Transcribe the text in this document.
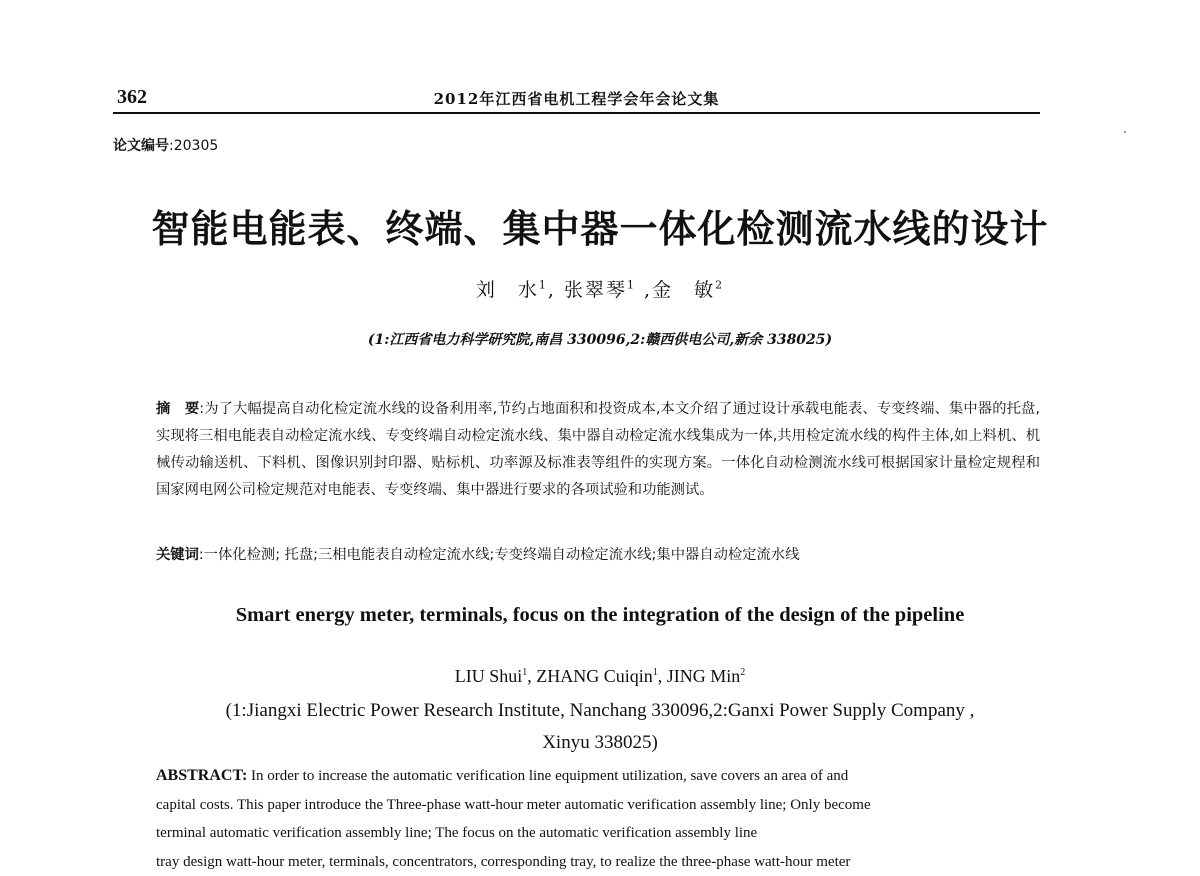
362	2012年江西省电机工程学会年会论文集
论文编号:20305
智能电能表、终端、集中器一体化检测流水线的设计
刘　水$^1$, 张翠琴$^1$ ,金　敏$^2$
(1:江西省电力科学研究院,南昌 330096,2:赣西供电公司,新余 338025)
摘　要:为了大幅提高自动化检定流水线的设备利用率,节约占地面积和投资成本,本文介绍了通过设计承载电能表、专变终端、集中器的托盘,实现将三相电能表自动检定流水线、专变终端自动检定流水线、集中器自动检定流水线集成为一体,共用检定流水线的构件主体,如上料机、机械传动输送机、下料机、图像识别封印器、贴标机、功率源及标准表等组件的实现方案。一体化自动检测流水线可根据国家计量检定规程和国家网电网公司检定规范对电能表、专变终端、集中器进行要求的各项试验和功能测试。
关键词:一体化检测; 托盘;三相电能表自动检定流水线;专变终端自动检定流水线;集中器自动检定流水线
Smart energy meter, terminals, focus on the integration of the design of the pipeline
LIU Shui$^1$, ZHANG Cuiqin$^1$, JING Min$^2$
(1:Jiangxi Electric Power Research Institute, Nanchang 330096,2:Ganxi Power Supply Company ,
Xinyu 338025)
ABSTRACT: In order to increase the automatic verification line equipment utilization, save covers an area of and
capital costs. This paper introduce the Three-phase watt-hour meter automatic verification assembly line; Only become
terminal automatic verification assembly line; The focus on the automatic verification assembly line
tray design watt-hour meter, terminals, concentrators, corresponding tray, to realize the three-phase watt-hour meter
